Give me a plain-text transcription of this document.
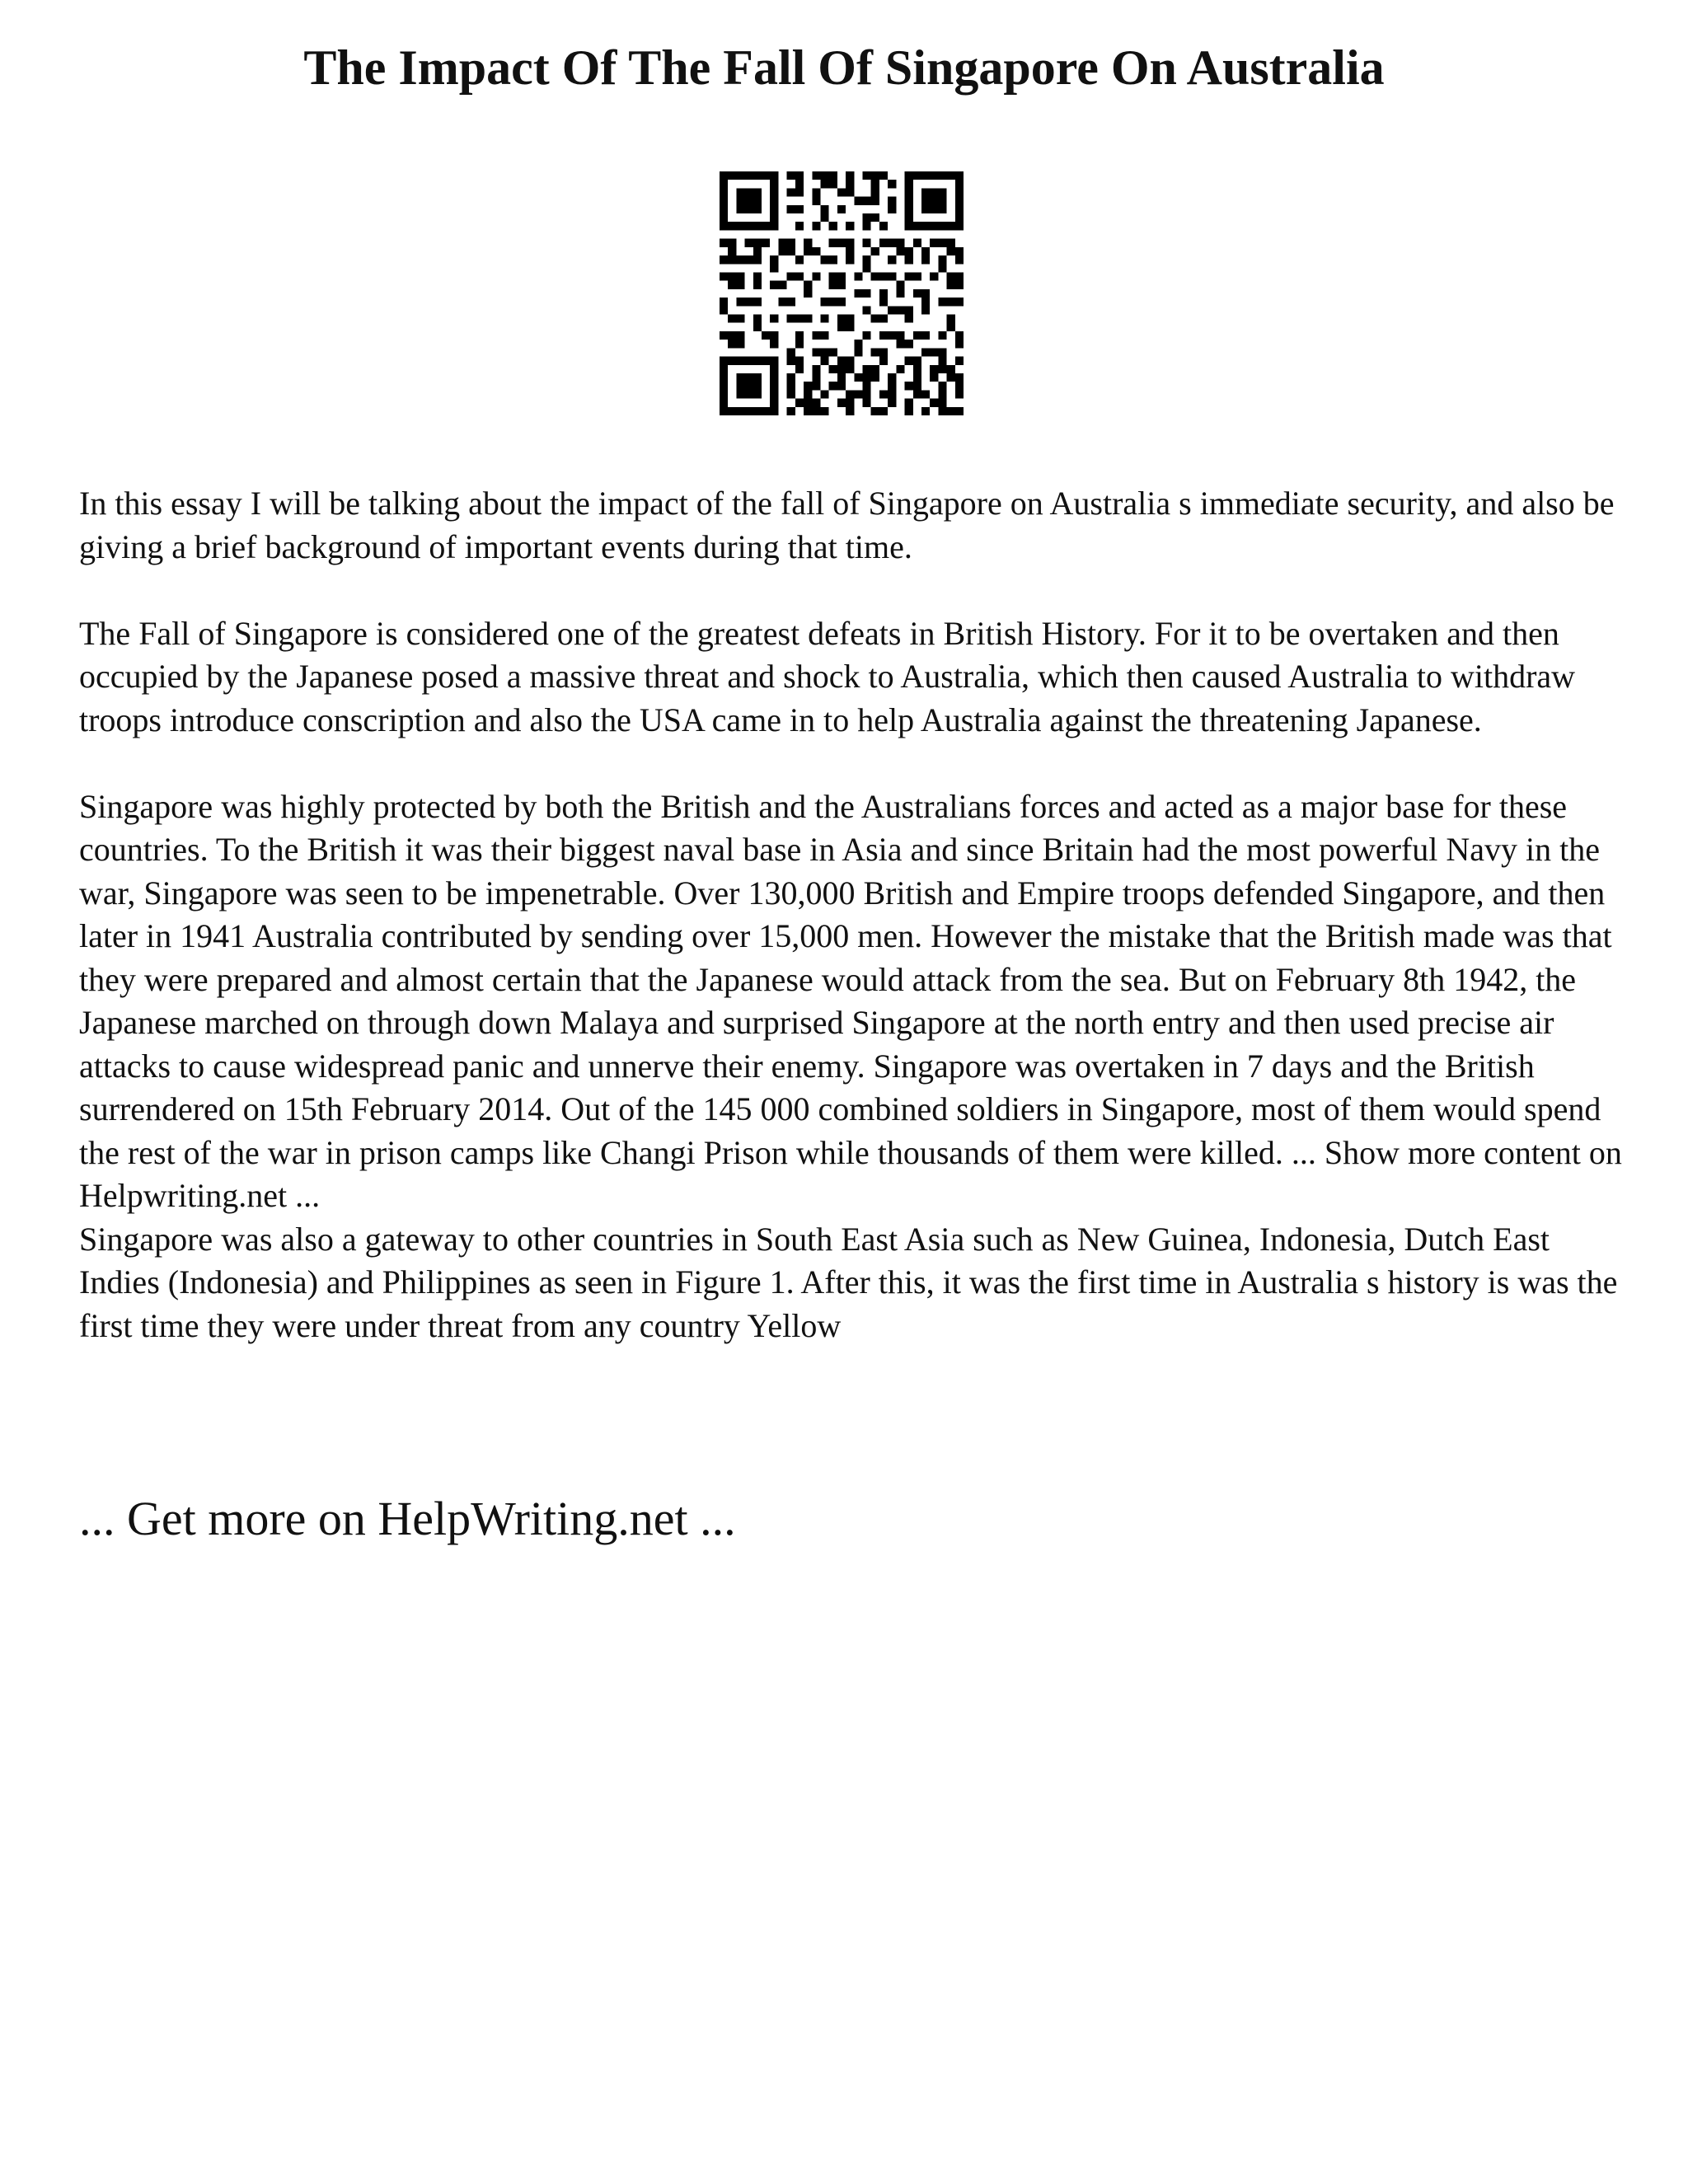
The Impact Of The Fall Of Singapore On Australia

In this essay I will be talking about the impact of the fall of Singapore on Australia s immediate security, and also be giving a brief background of important events during that time.

The Fall of Singapore is considered one of the greatest defeats in British History. For it to be overtaken and then occupied by the Japanese posed a massive threat and shock to Australia, which then caused Australia to withdraw troops introduce conscription and also the USA came in to help Australia against the threatening Japanese.

Singapore was highly protected by both the British and the Australians forces and acted as a major base for these countries. To the British it was their biggest naval base in Asia and since Britain had the most powerful Navy in the war, Singapore was seen to be impenetrable. Over 130,000 British and Empire troops defended Singapore, and then later in 1941 Australia contributed by sending over 15,000 men. However the mistake that the British made was that they were prepared and almost certain that the Japanese would attack from the sea. But on February 8th 1942, the Japanese marched on through down Malaya and surprised Singapore at the north entry and then used precise air attacks to cause widespread panic and unnerve their enemy. Singapore was overtaken in 7 days and the British surrendered on 15th February 2014. Out of the 145 000 combined soldiers in Singapore, most of them would spend the rest of the war in prison camps like Changi Prison while thousands of them were killed. ... Show more content on Helpwriting.net ...

Singapore was also a gateway to other countries in South East Asia such as New Guinea, Indonesia, Dutch East Indies (Indonesia) and Philippines as seen in Figure 1. After this, it was the first time in Australia s history is was the first time they were under threat from any country Yellow

... Get more on HelpWriting.net ...
